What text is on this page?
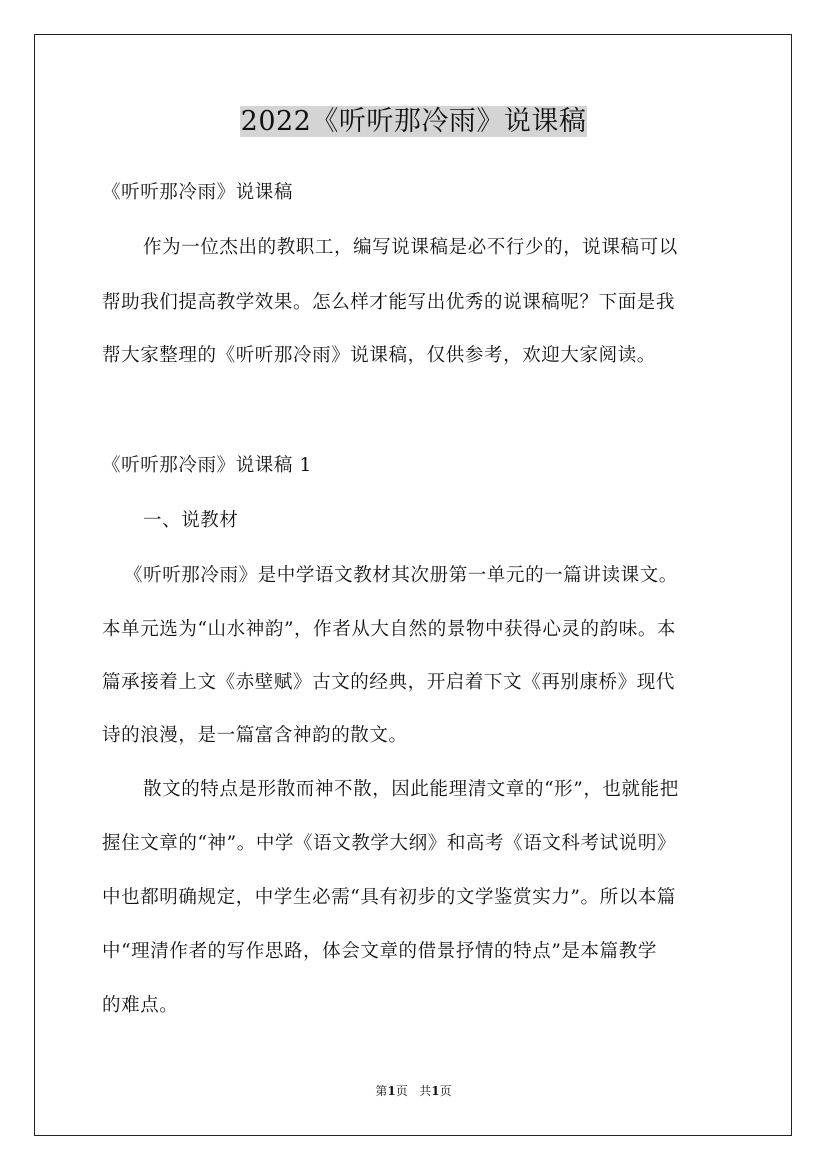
2022《听听那冷雨》说课稿
《听听那冷雨》说课稿
作为一位杰出的教职工，编写说课稿是必不行少的，说课稿可以
帮助我们提高教学效果。怎么样才能写出优秀的说课稿呢？下面是我
帮大家整理的《听听那冷雨》说课稿，仅供参考，欢迎大家阅读。
《听听那冷雨》说课稿 1
一、说教材
《听听那冷雨》是中学语文教材其次册第一单元的一篇讲读课文。
本单元选为“山水神韵”，作者从大自然的景物中获得心灵的韵味。本
篇承接着上文《赤壁赋》古文的经典，开启着下文《再别康桥》现代
诗的浪漫，是一篇富含神韵的散文。
散文的特点是形散而神不散，因此能理清文章的“形”，也就能把
握住文章的“神”。中学《语文教学大纲》和高考《语文科考试说明》
中也都明确规定，中学生必需“具有初步的文学鉴赏实力”。所以本篇
中“理清作者的写作思路，体会文章的借景抒情的特点”是本篇教学
的难点。
第1页 共1页
